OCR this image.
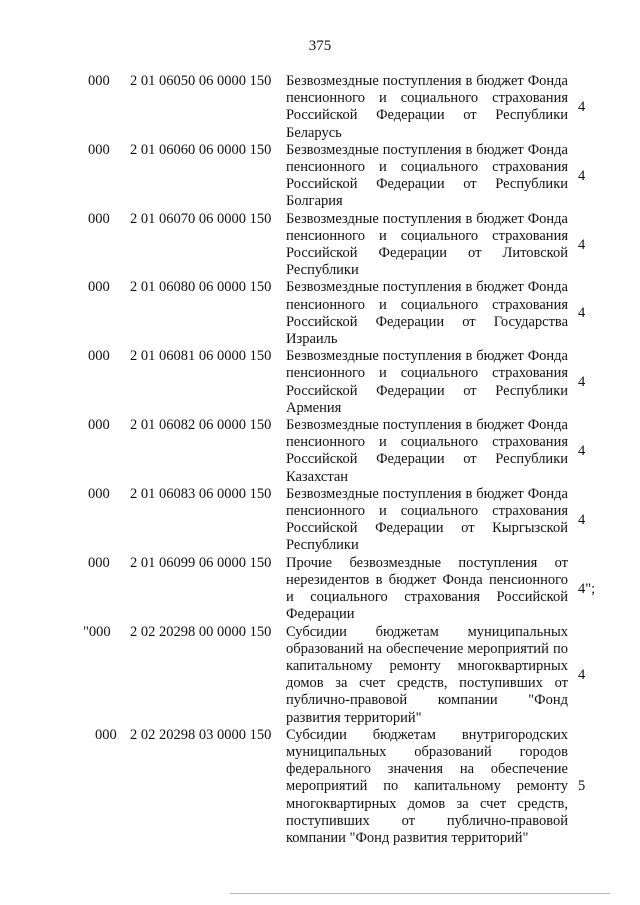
375
000 2 01 06050 06 0000 150 Безвозмездные поступления в бюджет Фонда пенсионного и социального страхования Российской Федерации от Республики Беларусь
4
000 2 01 06060 06 0000 150 Безвозмездные поступления в бюджет Фонда пенсионного и социального страхования Российской Федерации от Республики Болгария
4
000 2 01 06070 06 0000 150 Безвозмездные поступления в бюджет Фонда пенсионного и социального страхования Российской Федерации от Литовской Республики
4
000 2 01 06080 06 0000 150 Безвозмездные поступления в бюджет Фонда пенсионного и социального страхования Российской Федерации от Государства Израиль
4
000 2 01 06081 06 0000 150 Безвозмездные поступления в бюджет Фонда пенсионного и социального страхования Российской Федерации от Республики Армения
4
000 2 01 06082 06 0000 150 Безвозмездные поступления в бюджет Фонда пенсионного и социального страхования Российской Федерации от Республики Казахстан
4
000 2 01 06083 06 0000 150 Безвозмездные поступления в бюджет Фонда пенсионного и социального страхования Российской Федерации от Кыргызской Республики
4
000 2 01 06099 06 0000 150 Прочие безвозмездные поступления от нерезидентов в бюджет Фонда пенсионного и социального страхования Российской Федерации
4";
"000 2 02 20298 00 0000 150 Субсидии бюджетам муниципальных образований на обеспечение мероприятий по капитальному ремонту многоквартирных домов за счет средств, поступивших от публично-правовой компании "Фонд развития территорий"
4
000 2 02 20298 03 0000 150 Субсидии бюджетам внутригородских муниципальных образований городов федерального значения на обеспечение мероприятий по капитальному ремонту многоквартирных домов за счет средств, поступивших от публично-правовой компании "Фонд развития территорий"
5
